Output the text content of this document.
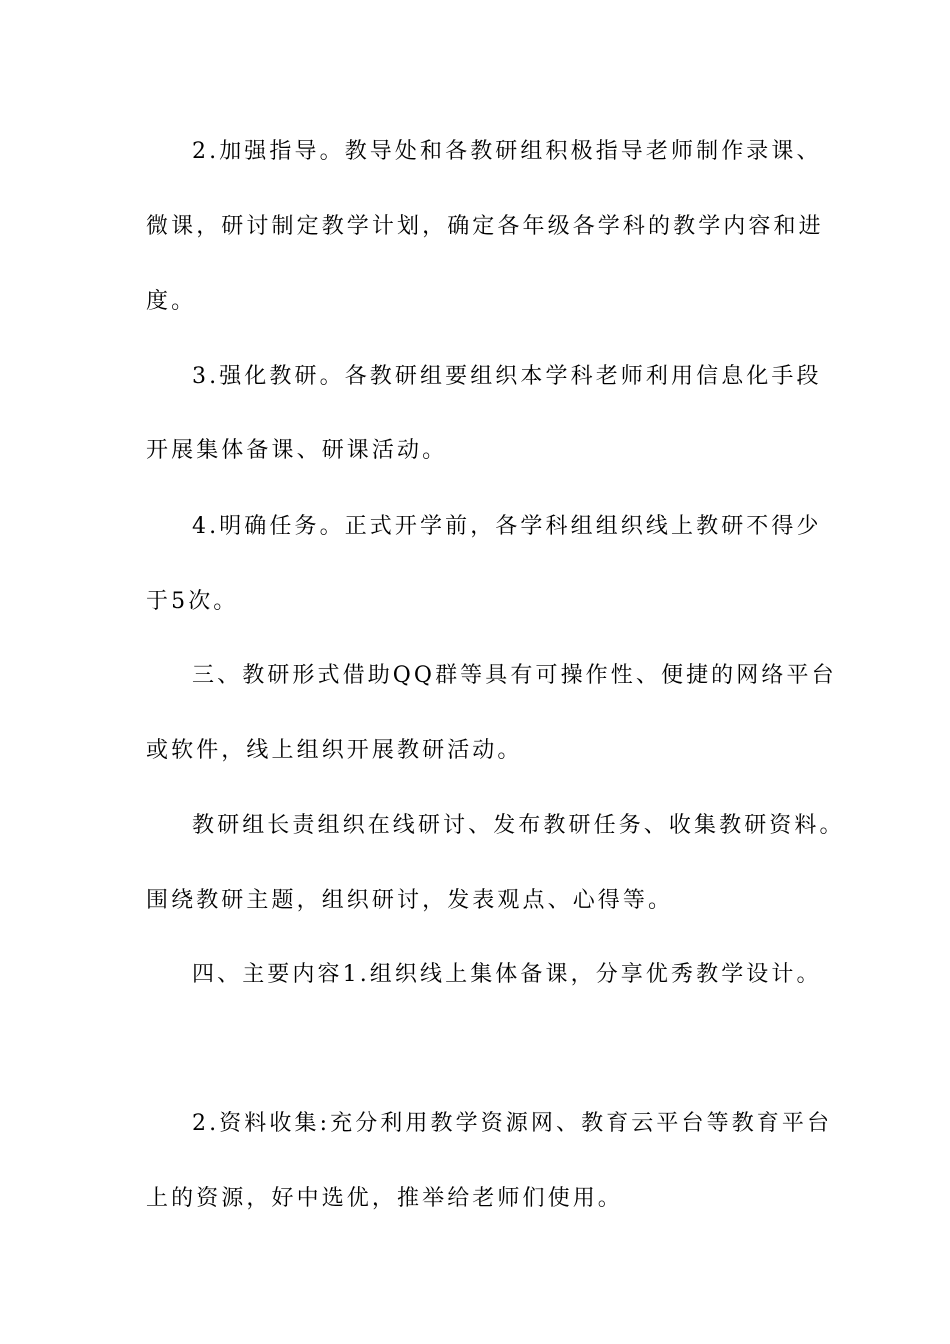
2.加强指导。教导处和各教研组积极指导老师制作录课、
微课，研讨制定教学计划，确定各年级各学科的教学内容和进
度。
3.强化教研。各教研组要组织本学科老师利用信息化手段
开展集体备课、研课活动。
4.明确任务。正式开学前，各学科组组织线上教研不得少
于5次。
三、教研形式借助QQ群等具有可操作性、便捷的网络平台
或软件，线上组织开展教研活动。
教研组长责组织在线研讨、发布教研任务、收集教研资料。
围绕教研主题，组织研讨，发表观点、心得等。
四、主要内容1.组织线上集体备课，分享优秀教学设计。
2.资料收集:充分利用教学资源网、教育云平台等教育平台
上的资源，好中选优，推举给老师们使用。
